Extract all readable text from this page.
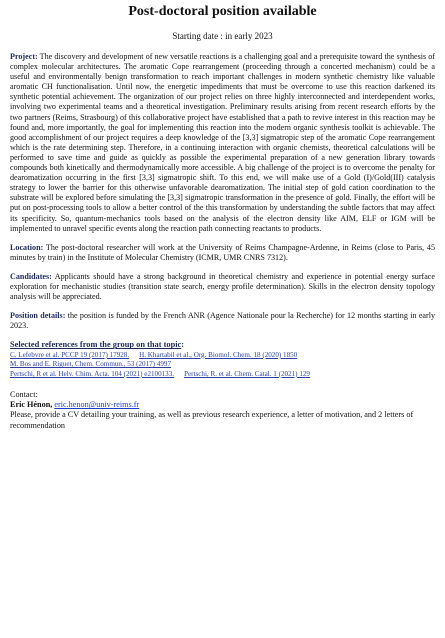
Post-doctoral position available
Starting date : in early 2023

Project: The discovery and development of new versatile reactions is a challenging goal and a prerequisite toward the synthesis of complex molecular architectures. The aromatic Cope rearrangement (proceeding through a concerted mechanism) could be a useful and environmentally benign transformation to reach important challenges in modern synthetic chemistry like valuable aromatic CH functionalisation. Until now, the energetic impediments that must be overcome to use this reaction darkened its synthetic potential achievement. The organization of our project relies on three highly interconnected and interdependent works, involving two experimental teams and a theoretical investigation. Preliminary results arising from recent research efforts by the two partners (Reims, Strasbourg) of this collaborative project have established that a path to revive interest in this reaction may be found and, more importantly, the goal for implementing this reaction into the modern organic synthesis toolkit is achievable. The good accomplishment of our project requires a deep knowledge of the [3,3] sigmatropic step of the aromatic Cope rearrangement which is the rate determining step. Therefore, in a continuing interaction with organic chemists, theoretical calculations will be performed to save time and guide as quickly as possible the experimental preparation of a new generation library towards compounds both kinetically and thermodynamically more accessible. A big challenge of the project is to overcome the penalty for dearomatization occurring in the first [3,3] sigmatropic shift. To this end, we will make use of a Gold (I)/Gold(III) catalysis strategy to lower the barrier for this otherwise unfavorable dearomatization. The initial step of gold cation coordination to the substrate will be explored before simulating the [3,3] sigmatropic transformation in the presence of gold. Finally, the effort will be put on post-processing tools to allow a better control of the this transformation by understanding the subtle factors that may affect its specificity. So, quantum-mechanics tools based on the analysis of the electron density like AIM, ELF or IGM will be implemented to unravel specific events along the reaction path connecting reactants to products.

Location: The post-doctoral researcher will work at the University of Reims Champagne-Ardenne, in Reims (close to Paris, 45 minutes by train) in the Institute of Molecular Chemistry (ICMR, UMR CNRS 7312).

Candidates: Applicants should have a strong background in theoretical chemistry and experience in potential energy surface exploration for mechanistic studies (transition state search, energy profile determination). Skills in the electron density topology analysis will be appreciated.

Position details: the position is funded by the French ANR (Agence Nationale pour la Recherche) for 12 months starting in early 2023.

Selected references from the group on that topic:
C. Lefebvre et al. PCCP 19 (2017) 17928. H. Khartabil et al., Org. Biomol. Chem. 18 (2020) 1850
M. Bos and E. Riguet, Chem. Commun., 53 (2017) 4997
Pertschi, R et al. Helv. Chim. Acta. 104 (2021) e2100133. Pertschi, R. et al. Chem. Catal. 1 (2021) 129
Contact:
Eric Hénon, eric.henon@univ-reims.fr
Please, provide a CV detailing your training, as well as previous research experience, a letter of motivation, and 2 letters of recommendation
